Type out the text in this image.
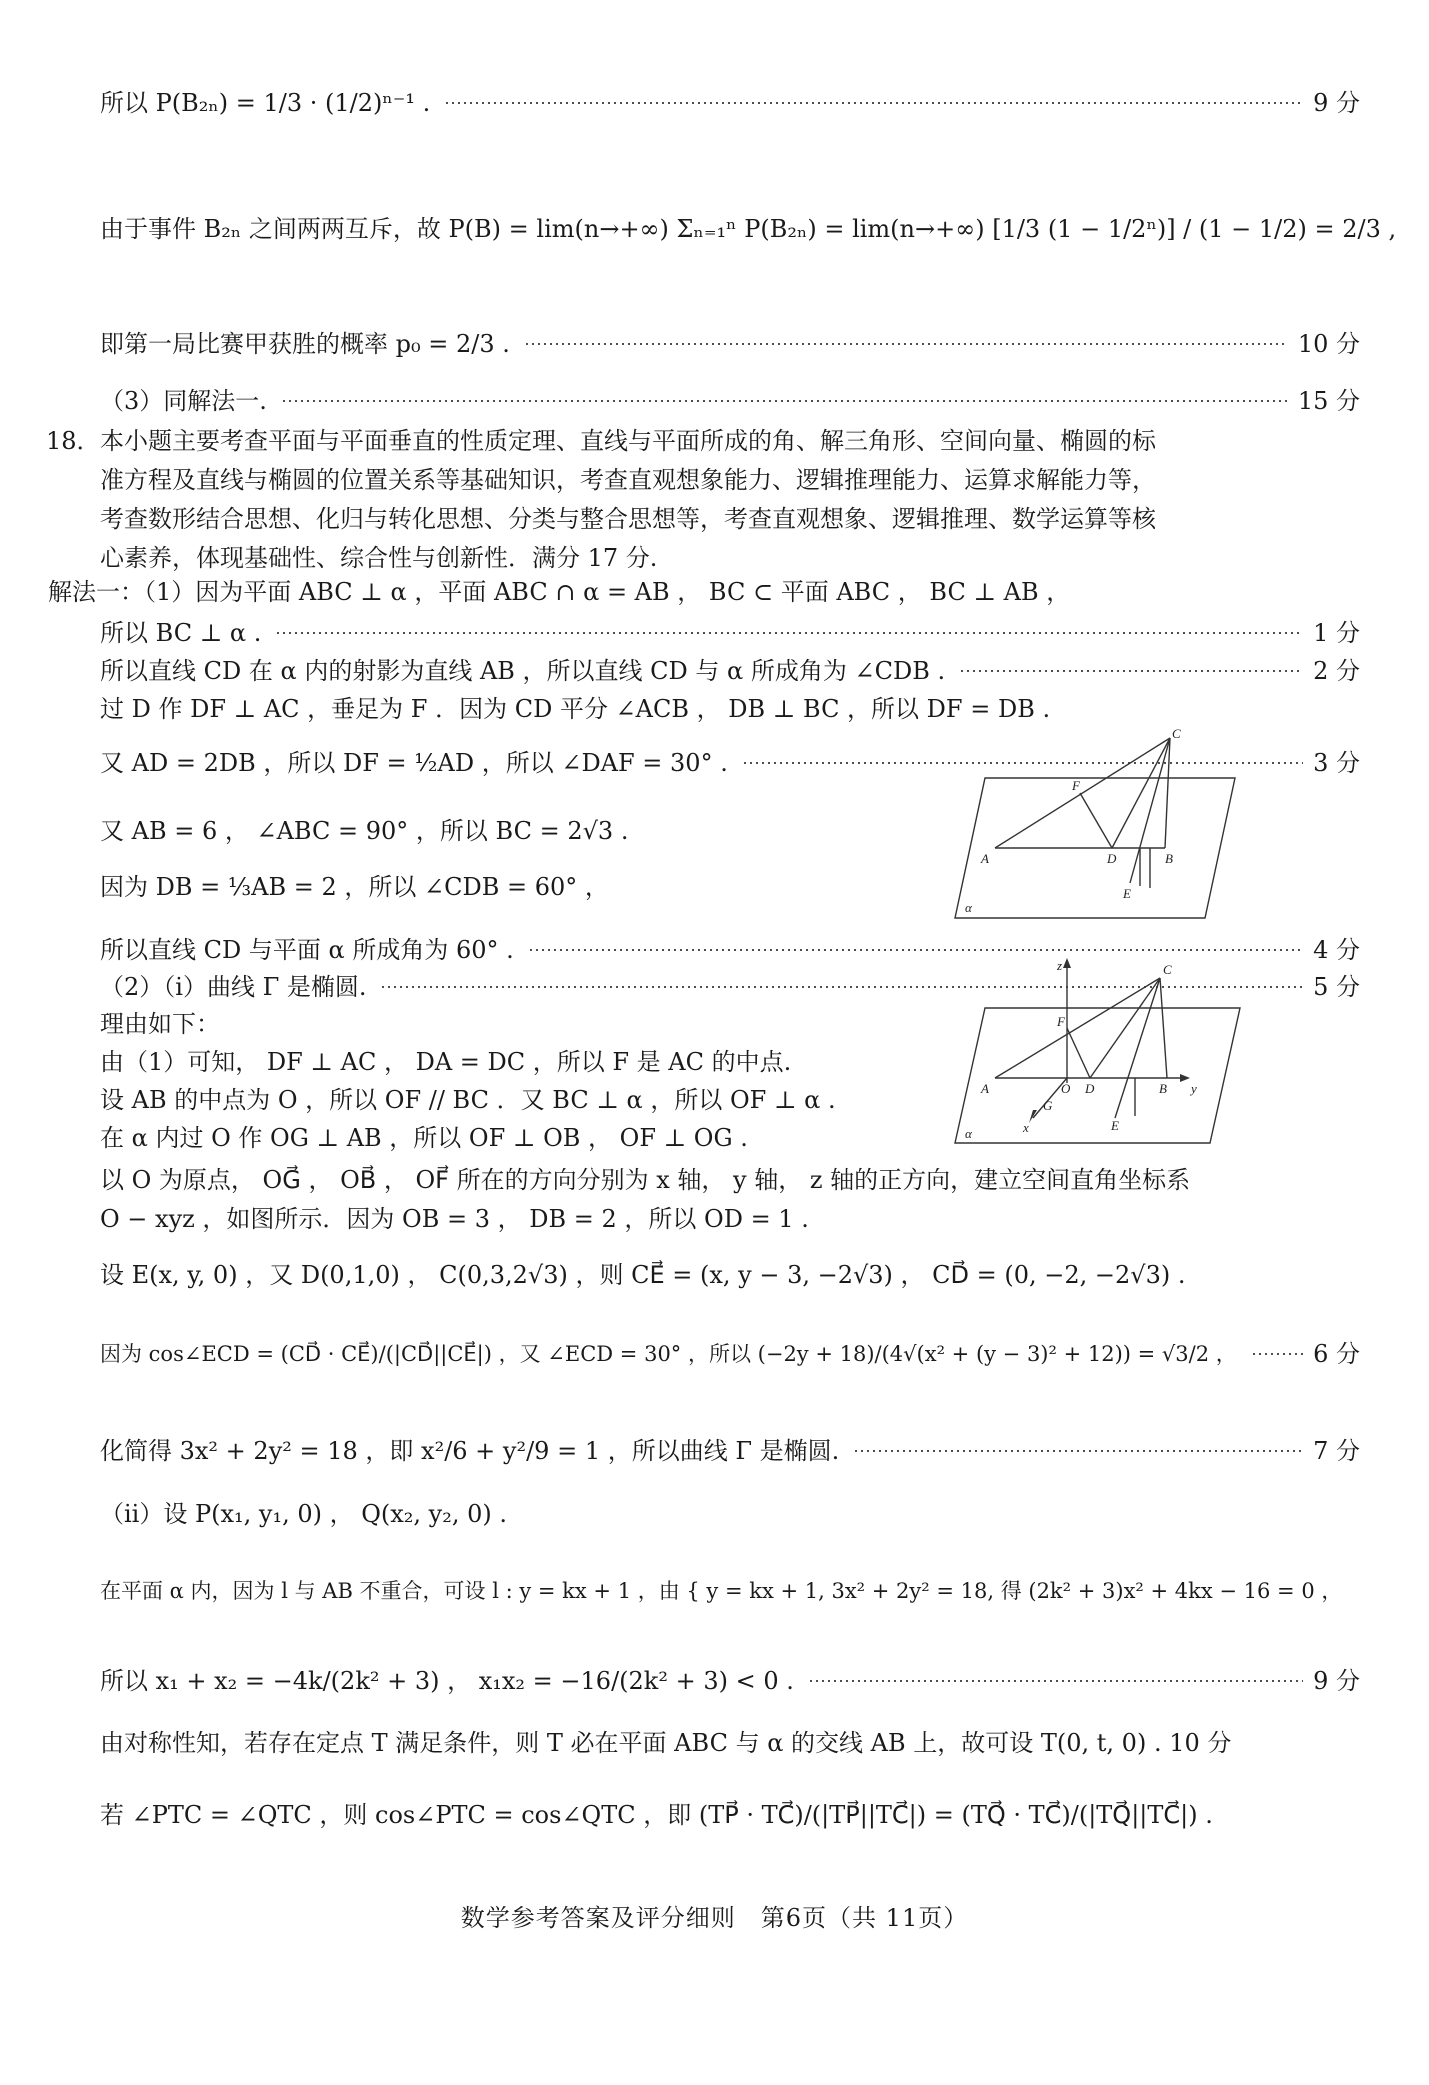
所以 P(B₂ₙ) = 1/3 · (1/2)ⁿ⁻¹ .	9 分
由于事件 B₂ₙ 之间两两互斥，故 P(B) = lim(n→+∞) Σₙ₌₁ⁿ P(B₂ₙ) = lim(n→+∞) [1/3 (1 − 1/2ⁿ)] / (1 − 1/2) = 2/3 ,
即第一局比赛甲获胜的概率 p₀ = 2/3 .	10 分
（3）同解法一.	15 分
18． 本小题主要考查平面与平面垂直的性质定理、直线与平面所成的角、解三角形、空间向量、椭圆的标
准方程及直线与椭圆的位置关系等基础知识，考查直观想象能力、逻辑推理能力、运算求解能力等，
考查数形结合思想、化归与转化思想、分类与整合思想等，考查直观想象、逻辑推理、数学运算等核
心素养，体现基础性、综合性与创新性．满分 17 分.
解法一：（1）因为平面 ABC ⊥ α ，平面 ABC ∩ α = AB ， BC ⊂ 平面 ABC ， BC ⊥ AB ，
所以 BC ⊥ α .	1 分
所以直线 CD 在 α 内的射影为直线 AB ，所以直线 CD 与 α 所成角为 ∠CDB .	2 分
过 D 作 DF ⊥ AC ，垂足为 F ．因为 CD 平分 ∠ACB ， DB ⊥ BC ，所以 DF = DB .
又 AD = 2DB ，所以 DF = ½AD ，所以 ∠DAF = 30° .	3 分
又 AB = 6 ， ∠ABC = 90° ，所以 BC = 2√3 .
因为 DB = ⅓AB = 2 ，所以 ∠CDB = 60° ，
所以直线 CD 与平面 α 所成角为 60° .	4 分
（2）（i）曲线 Γ 是椭圆.	5 分
理由如下：
由（1）可知， DF ⊥ AC ， DA = DC ，所以 F 是 AC 的中点.
设 AB 的中点为 O ，所以 OF // BC ．又 BC ⊥ α ，所以 OF ⊥ α .
在 α 内过 O 作 OG ⊥ AB ，所以 OF ⊥ OB ， OF ⊥ OG .
以 O 为原点， OG⃗ ， OB⃗ ， OF⃗ 所在的方向分别为 x 轴， y 轴， z 轴的正方向，建立空间直角坐标系
O − xyz ，如图所示．因为 OB = 3 ， DB = 2 ，所以 OD = 1 .
设 E(x, y, 0) ，又 D(0,1,0) ， C(0,3,2√3) ，则 CE⃗ = (x, y − 3, −2√3) ， CD⃗ = (0, −2, −2√3) .
因为 cos∠ECD = (CD⃗ · CE⃗)/(|CD⃗||CE⃗|) ，又 ∠ECD = 30° ，所以 (−2y + 18)/(4√(x² + (y − 3)² + 12)) = √3/2 ，	6 分
化简得 3x² + 2y² = 18 ，即 x²/6 + y²/9 = 1 ，所以曲线 Γ 是椭圆.	7 分
（ii）设 P(x₁, y₁, 0) ， Q(x₂, y₂, 0) .
在平面 α 内，因为 l 与 AB 不重合，可设 l : y = kx + 1 ，由 { y = kx + 1, 3x² + 2y² = 18, 得 (2k² + 3)x² + 4kx − 16 = 0 ，
所以 x₁ + x₂ = −4k/(2k² + 3) ， x₁x₂ = −16/(2k² + 3) < 0 .	9 分
由对称性知，若存在定点 T 满足条件，则 T 必在平面 ABC 与 α 的交线 AB 上，故可设 T(0, t, 0) . 10 分
若 ∠PTC = ∠QTC ，则 cos∠PTC = cos∠QTC ，即 (TP⃗ · TC⃗)/(|TP⃗||TC⃗|) = (TQ⃗ · TC⃗)/(|TQ⃗||TC⃗|) .
C
F
A	D	B
E
α
z	C
F
A	O D	B y
G
E
x
α
数学参考答案及评分细则　第6页（共 11页）
